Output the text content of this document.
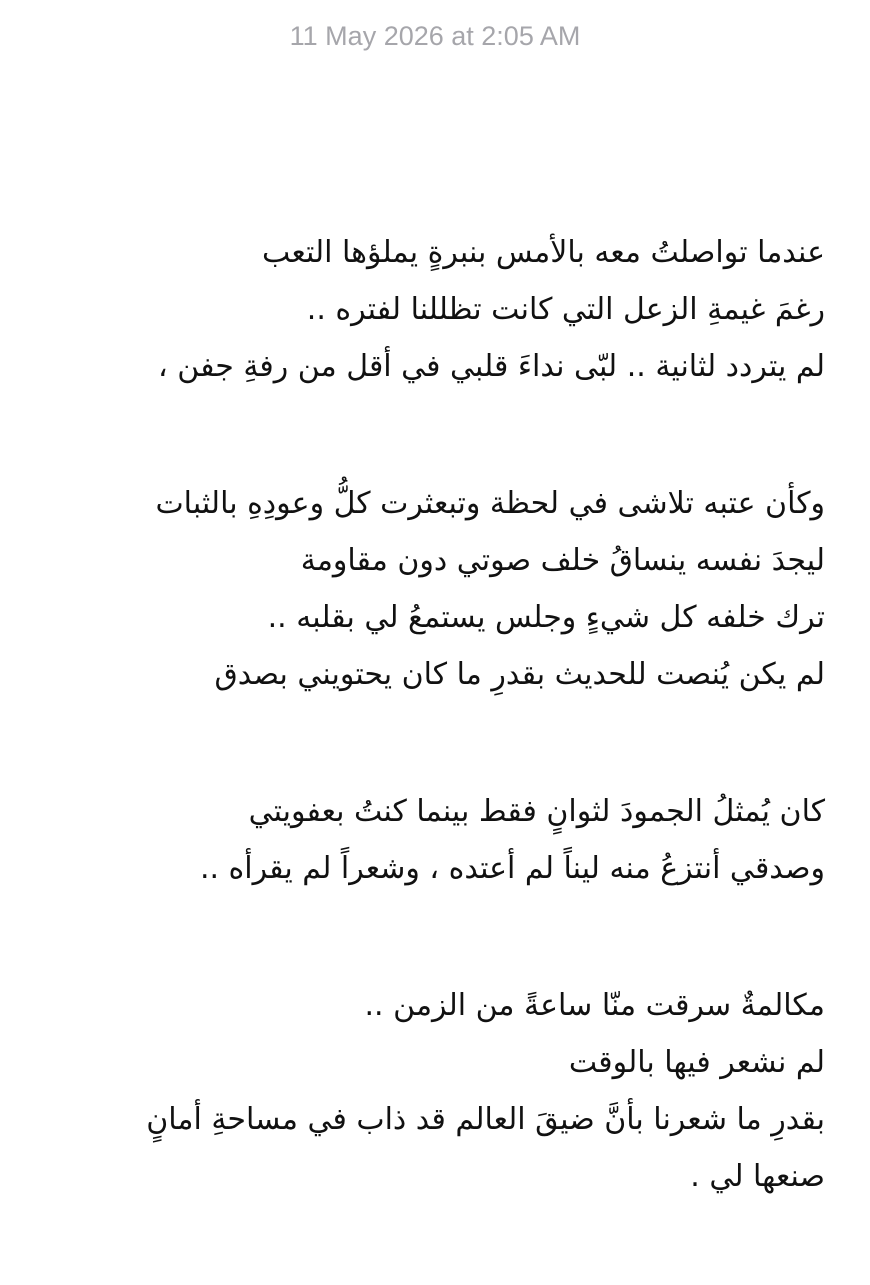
11 May 2026 at 2:05 AM

عندما تواصلتُ معه بالأمس بنبرةٍ يملؤها التعب
رغمَ غيمةِ الزعل التي كانت تظللنا لفتره ..
لم يتردد لثانية .. لبّى نداءَ قلبي في أقل من رفةِ جفن ،
وكأن عتبه تلاشى في لحظة وتبعثرت كلُّ وعودِهِ بالثبات
ليجدَ نفسه ينساقُ خلف صوتي دون مقاومة
ترك خلفه كل شيءٍ وجلس يستمعُ لي بقلبه ..
لم يكن يُنصت للحديث بقدرِ ما كان يحتويني بصدق
كان يُمثلُ الجمودَ لثوانٍ فقط بينما كنتُ بعفويتي
وصدقي أنتزعُ منه ليناً لم أعتده ، وشعراً لم يقرأه ..
مكالمةٌ سرقت منّا ساعةً من الزمن ..
لم نشعر فيها بالوقت
بقدرِ ما شعرنا بأنَّ ضيقَ العالم قد ذاب في مساحةِ أمانٍ
صنعها لي .
